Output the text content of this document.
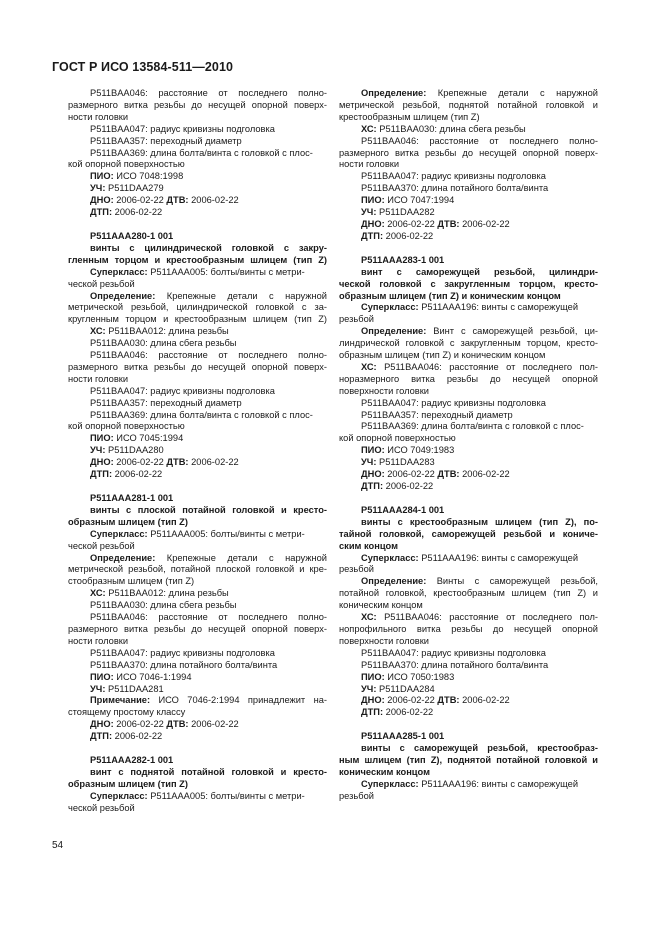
ГОСТ Р ИСО 13584-511—2010
P511BAA046: расстояние от последнего полно-
размерного витка резьбы до несущей опорной поверх-
ности головки
P511BAA047: радиус кривизны подголовка
P511BAA357: переходный диаметр
P511BAA369: длина болта/винта с головкой с плос-
кой опорной поверхностью
ПИО: ИСО 7048:1998
УЧ: P511DAA279
ДНО: 2006-02-22 ДТВ: 2006-02-22
ДТП: 2006-02-22
P511AAA280-1 001
винты с цилиндрической головкой с закру-
гленным торцом и крестообразным шлицем (тип Z)
Суперкласс: P511AAA005: болты/винты с метри-
ческой резьбой
Определение: Крепежные детали с наружной
метрической резьбой, цилиндрической головкой с за-
кругленным торцом и крестообразным шлицем (тип Z)
ХС: P511BAA012: длина резьбы
P511BAA030: длина сбега резьбы
P511BAA046: расстояние от последнего полно-
размерного витка резьбы до несущей опорной поверх-
ности головки
P511BAA047: радиус кривизны подголовка
P511BAA357: переходный диаметр
P511BAA369: длина болта/винта с головкой с плос-
кой опорной поверхностью
ПИО: ИСО 7045:1994
УЧ: P511DAA280
ДНО: 2006-02-22 ДТВ: 2006-02-22
ДТП: 2006-02-22
P511AAA281-1 001
винты с плоской потайной головкой и кресто-
образным шлицем (тип Z)
Суперкласс: P511AAA005: болты/винты с метри-
ческой резьбой
Определение: Крепежные детали с наружной
метрической резьбой, потайной плоской головкой и кре-
стообразным шлицем (тип Z)
ХС: P511BAA012: длина резьбы
P511BAA030: длина сбега резьбы
P511BAA046: расстояние от последнего полно-
размерного витка резьбы до несущей опорной поверх-
ности головки
P511BAA047: радиус кривизны подголовка
P511BAA370: длина потайного болта/винта
ПИО: ИСО 7046-1:1994
УЧ: P511DAA281
Примечание: ИСО 7046-2:1994 принадлежит на-
стоящему простому классу
ДНО: 2006-02-22 ДТВ: 2006-02-22
ДТП: 2006-02-22
P511AAA282-1 001
винт с поднятой потайной головкой и кресто-
образным шлицем (тип Z)
Суперкласс: P511AAA005: болты/винты с метри-
ческой резьбой
Определение: Крепежные детали с наружной
метрической резьбой, поднятой потайной головкой и
крестообразным шлицем (тип Z)
ХС: P511BAA030: длина сбега резьбы
P511BAA046: расстояние от последнего полно-
размерного витка резьбы до несущей опорной поверх-
ности головки
P511BAA047: радиус кривизны подголовка
P511BAA370: длина потайного болта/винта
ПИО: ИСО 7047:1994
УЧ: P511DAA282
ДНО: 2006-02-22 ДТВ: 2006-02-22
ДТП: 2006-02-22
P511AAA283-1 001
винт с саморежущей резьбой, цилиндри-
ческой головкой с закругленным торцом, кресто-
образным шлицем (тип Z) и коническим концом
Суперкласс: P511AAA196: винты с саморежущей
резьбой
Определение: Винт с саморежущей резьбой, ци-
линдрической головкой с закругленным торцом, кресто-
образным шлицем (тип Z) и коническим концом
ХС: P511BAA046: расстояние от последнего пол-
норазмерного витка резьбы до несущей опорной
поверхности головки
P511BAA047: радиус кривизны подголовка
P511BAA357: переходный диаметр
P511BAA369: длина болта/винта с головкой с плос-
кой опорной поверхностью
ПИО: ИСО 7049:1983
УЧ: P511DAA283
ДНО: 2006-02-22 ДТВ: 2006-02-22
ДТП: 2006-02-22
P511AAA284-1 001
винты с крестообразным шлицем (тип Z), по-
тайной головкой, саморежущей резьбой и кониче-
ским концом
Суперкласс: P511AAA196: винты с саморежущей
резьбой
Определение: Винты с саморежущей резьбой,
потайной головкой, крестообразным шлицем (тип Z) и
коническим концом
ХС: P511BAA046: расстояние от последнего пол-
нопрофильного витка резьбы до несущей опорной
поверхности головки
P511BAA047: радиус кривизны подголовка
P511BAA370: длина потайного болта/винта
ПИО: ИСО 7050:1983
УЧ: P511DAA284
ДНО: 2006-02-22 ДТВ: 2006-02-22
ДТП: 2006-02-22
P511AAA285-1 001
винты с саморежущей резьбой, крестообраз-
ным шлицем (тип Z), поднятой потайной головкой и
коническим концом
Суперкласс: P511AAA196: винты с саморежущей
резьбой
54
